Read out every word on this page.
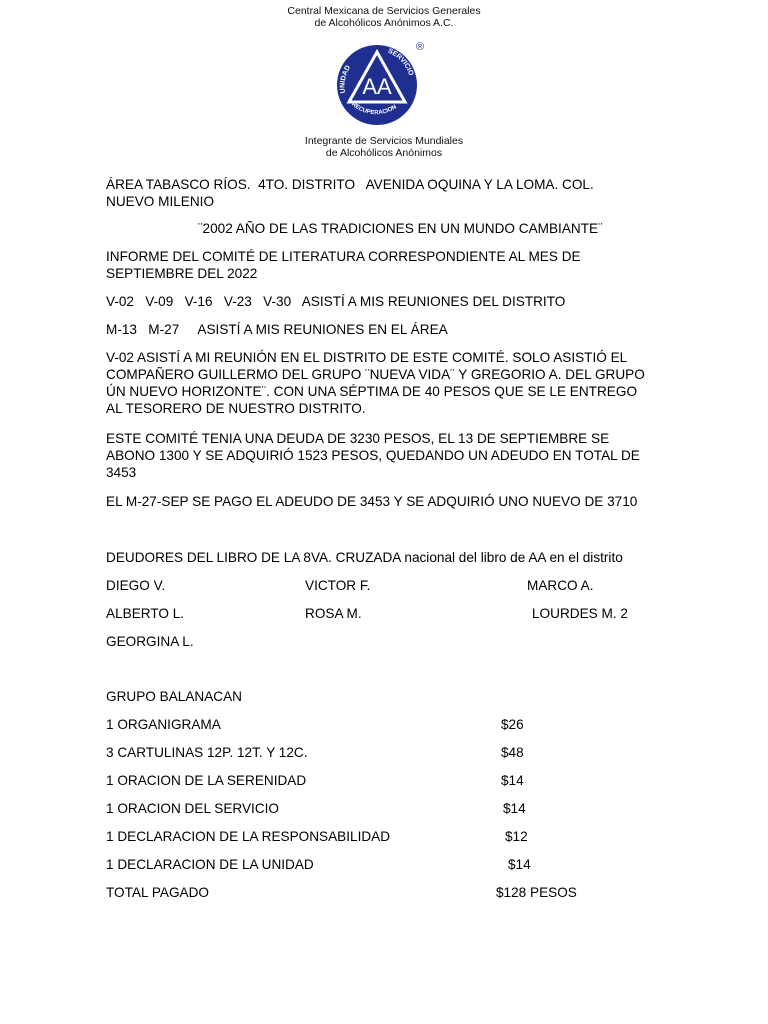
Central Mexicana de Servicios Generales
de Alcohólicos Anónimos A.C.
AA
UNIDAD
SERVICIO
RECUPERACION
®
Integrante de Servicios Mundiales
de Alcohólicos Anónimos
ÁREA TABASCO RÍOS.  4TO. DISTRITO   AVENIDA OQUINA Y LA LOMA. COL.
NUEVO MILENIO
¨2002 AÑO DE LAS TRADICIONES EN UN MUNDO CAMBIANTE¨
INFORME DEL COMITÉ DE LITERATURA CORRESPONDIENTE AL MES DE
SEPTIEMBRE DEL 2022
V-02   V-09   V-16   V-23   V-30   ASISTÍ A MIS REUNIONES DEL DISTRITO
M-13   M-27     ASISTÍ A MIS REUNIONES EN EL ÁREA
V-02 ASISTÍ A MI REUNIÓN EN EL DISTRITO DE ESTE COMITÉ. SOLO ASISTIÓ EL
COMPAÑERO GUILLERMO DEL GRUPO ¨NUEVA VIDA¨ Y GREGORIO A. DEL GRUPO
ÚN NUEVO HORIZONTE¨. CON UNA SÉPTIMA DE 40 PESOS QUE SE LE ENTREGO
AL TESORERO DE NUESTRO DISTRITO.
ESTE COMITÉ TENIA UNA DEUDA DE 3230 PESOS, EL 13 DE SEPTIEMBRE SE
ABONO 1300 Y SE ADQUIRIÓ 1523 PESOS, QUEDANDO UN ADEUDO EN TOTAL DE
3453
EL M-27-SEP SE PAGO EL ADEUDO DE 3453 Y SE ADQUIRIÓ UNO NUEVO DE 3710
DEUDORES DEL LIBRO DE LA 8VA. CRUZADA nacional del libro de AA en el distrito
DIEGO V.	VICTOR F.	MARCO A.
ALBERTO L.	ROSA M.	LOURDES M. 2
GEORGINA L.
GRUPO BALANACAN
1 ORGANIGRAMA	$26
3 CARTULINAS 12P. 12T. Y 12C.	$48
1 ORACION DE LA SERENIDAD	$14
1 ORACION DEL SERVICIO	$14
1 DECLARACION DE LA RESPONSABILIDAD	$12
1 DECLARACION DE LA UNIDAD	$14
TOTAL PAGADO	$128 PESOS
